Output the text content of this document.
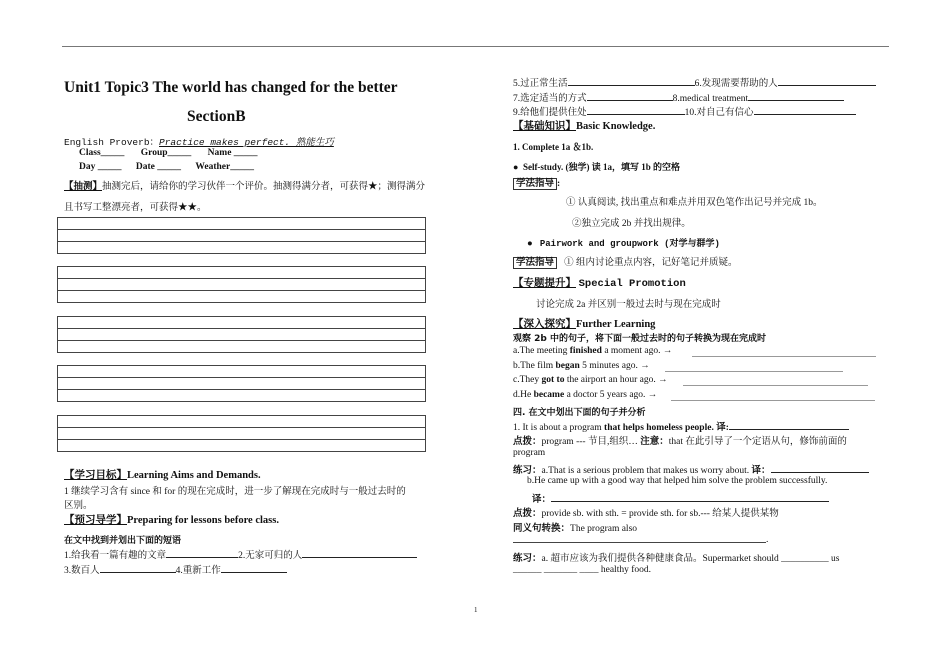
Unit1 Topic3 The world has changed for the better
SectionB
English Proverb：Practice makes perfect. 熟能生巧
Class_____ Group_____ Name _____
Day _____ Date _____ Weather_____
【抽测】抽测完后，请给你的学习伙伴一个评价。抽测得满分者，可获得★；测得满分
且书写工整漂亮者，可获得★★。
【学习目标】Learning Aims and Demands.
1 继续学习含有 since 和 for 的现在完成时，进一步了解现在完成时与一般过去时的
区别。
【预习导学】Preparing for lessons before class.
在文中找到并划出下面的短语
1.给我看一篇有趣的文章	2.无家可归的人
3.数百人	4.重新工作
5.过正常生活	6.发现需要帮助的人
7.选定适当的方式	8.medical treatment
9.给他们提供住处	10.对自己有信心
【基础知识】Basic Knowledge.
1. Complete 1a ＆1b.
● Self-study. (独学) 读 1a，填写 1b 的空格
学法指导 :
① 认真阅读, 找出重点和难点并用双色笔作出记号并完成 1b。
②独立完成 2b 并找出规律。
● Pairwork and groupwork (对学与群学)
学法指导 ① 组内讨论重点内容，记好笔记并质疑。
【专题提升】 Special Promotion
讨论完成 2a 并区别一般过去时与现在完成时
【深入探究】Further Learning
观察 2b 中的句子，将下面一般过去时的句子转换为现在完成时
a.The meeting finished a moment ago. →
b.The film began 5 minutes ago. →
c.They got to the airport an hour ago. →
d.He became a doctor 5 years ago. →
四. 在文中划出下面的句子并分析
1. It is about a program that helps homeless people. 译:
点拨：program --- 节目,组织… 注意：that 在此引导了一个定语从句，修饰前面的
program
练习：a.That is a serious problem that makes us worry about. 译：
b.He came up with a good way that helped him solve the problem successfully.
译：
点拨：provide sb. with sth. = provide sth. for sb.--- 给某人提供某物
同义句转换：The program also
.
练习：a. 超市应该为我们提供各种健康食品。Supermarket should __________ us
______ _______ ____ healthy food.
1
